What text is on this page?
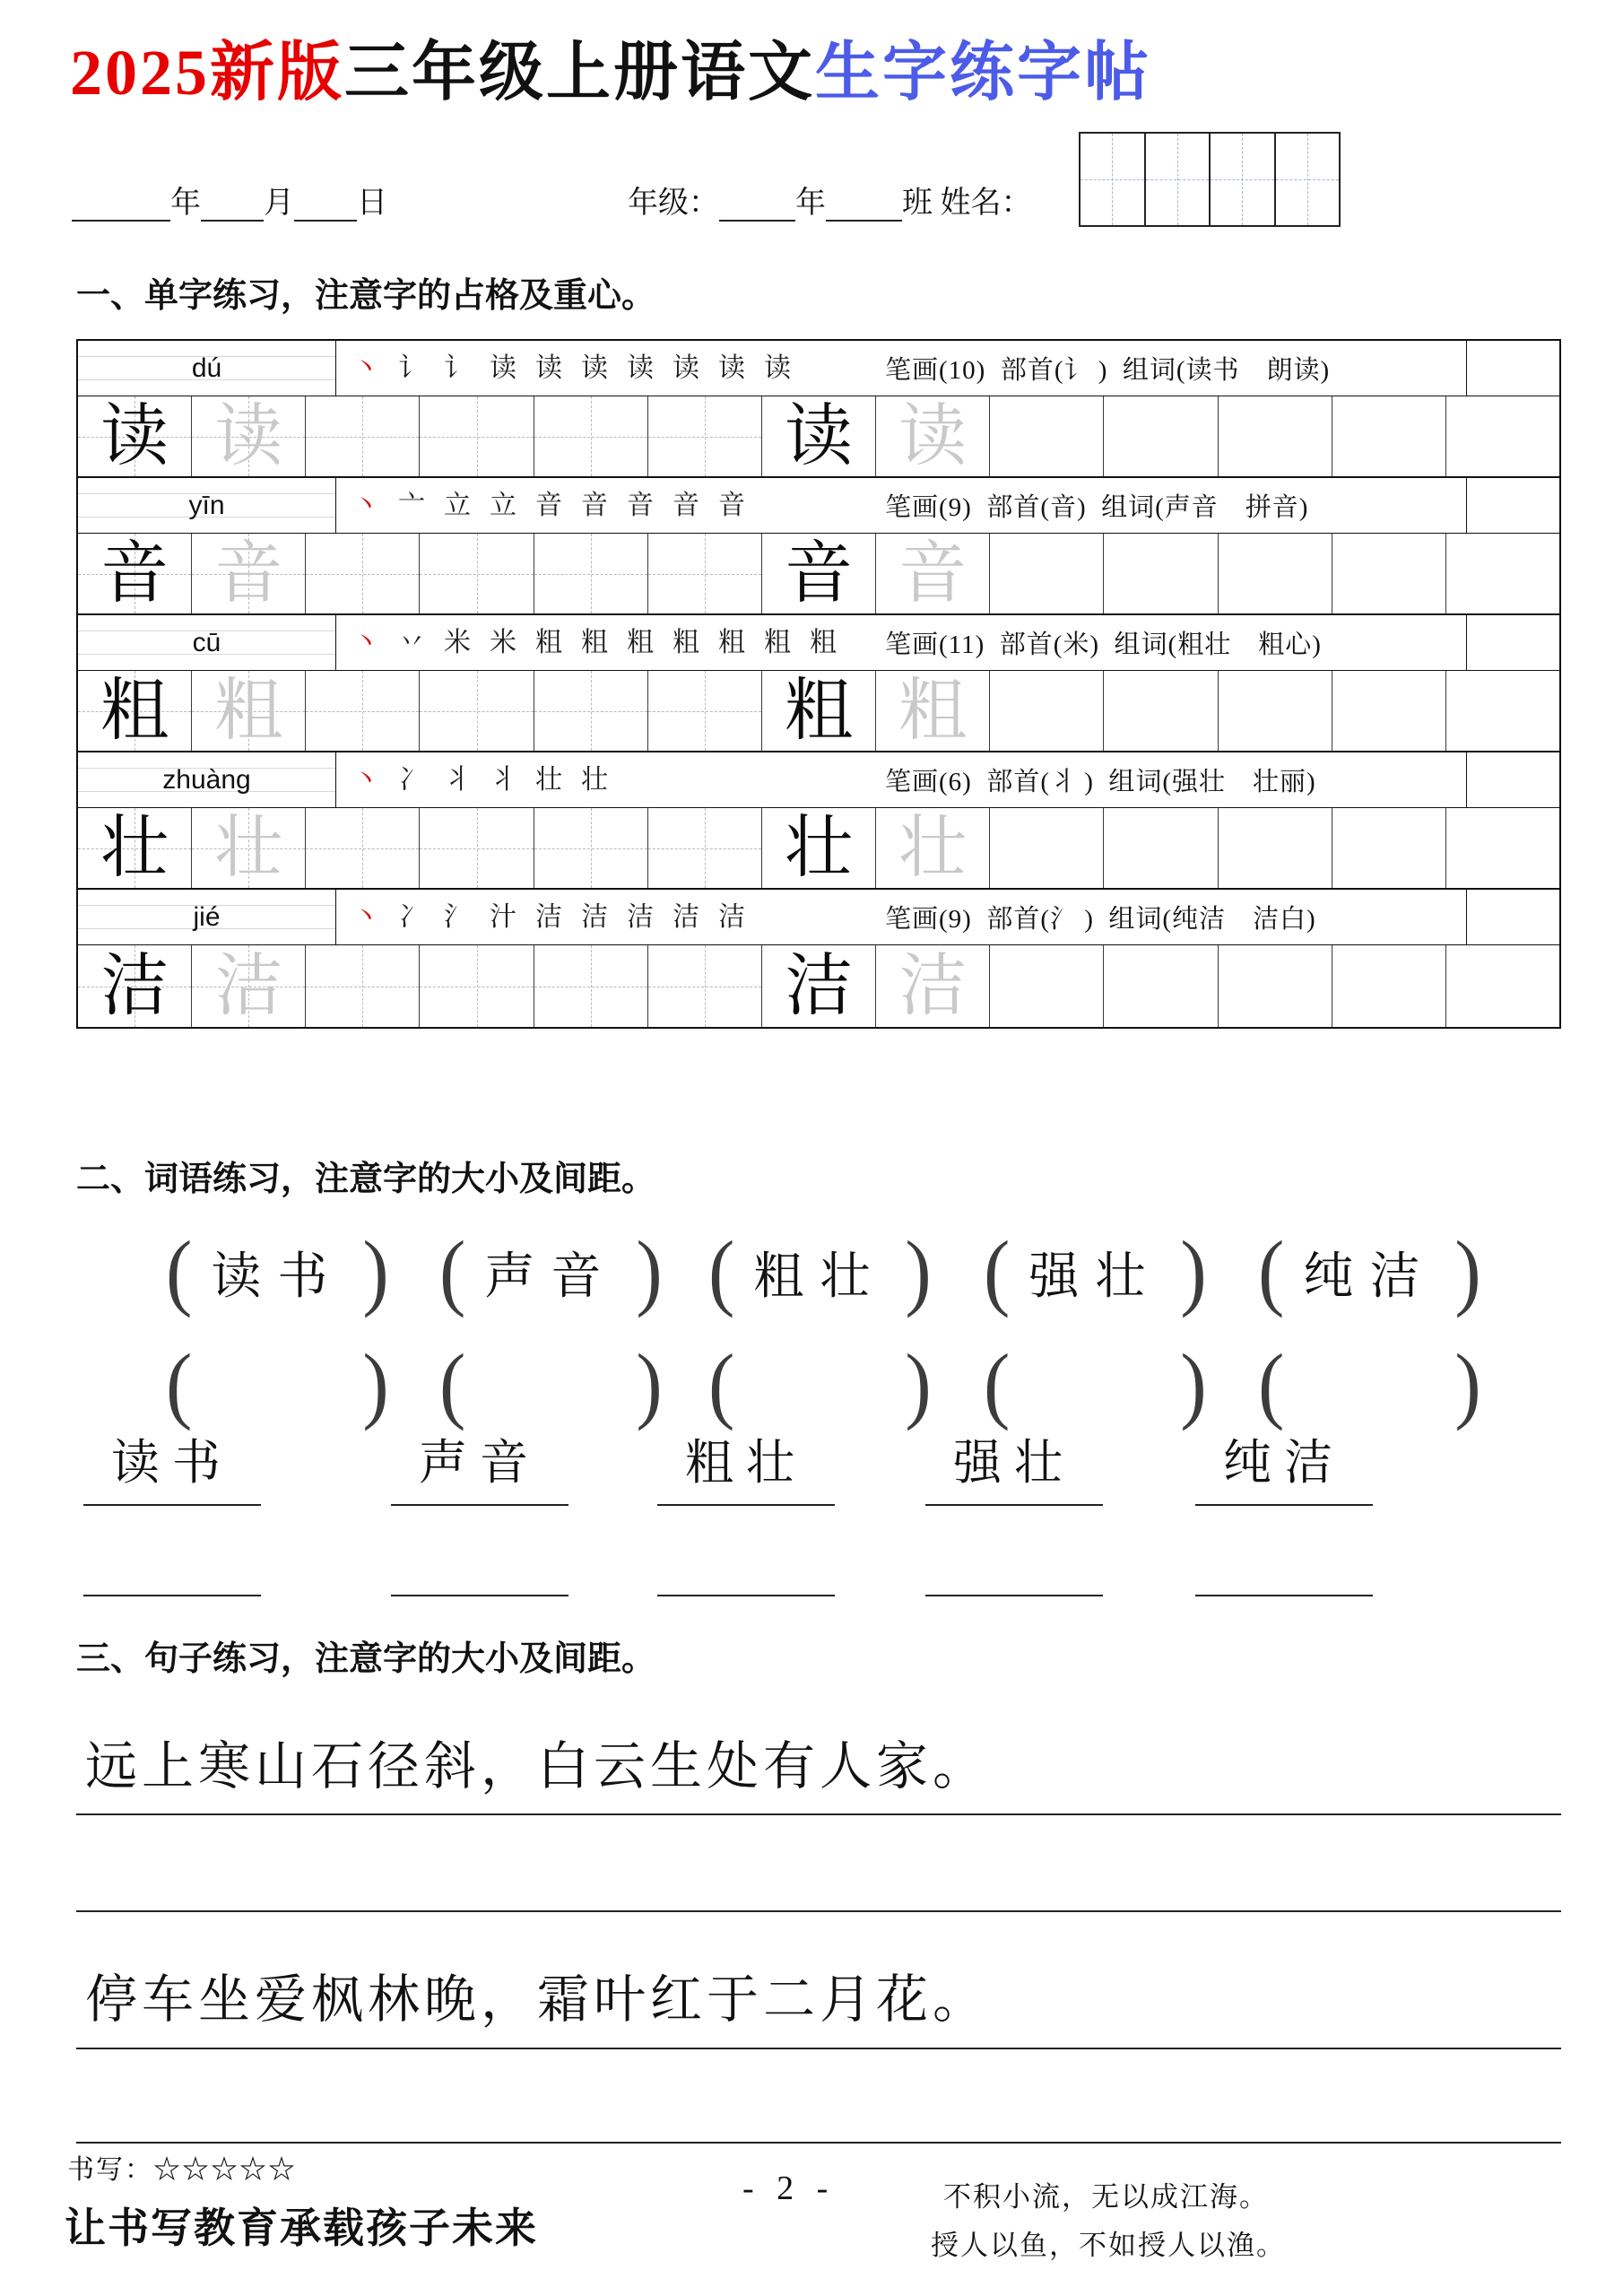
2025新版三年级上册语文生字练字帖
年 月 日	年级：	年	班 姓名：
一、单字练习，注意字的占格及重心。
dú	丶 讠 讠 读 读 读 读 读 读 读	笔画(10)  部首(讠 )  组词(读书　朗读)
读 读	读 读
yīn	丶 亠 立 立 音 音 音 音 音	笔画(9)  部首(音)  组词(声音　拼音)
音 音	音 音
cū	丶 丷 米 米 粗 粗 粗 粗 粗 粗 粗 笔画(11)  部首(米)  组词(粗壮　粗心)
粗 粗	粗 粗
zhuàng	丶 冫 丬 丬 壮 壮	笔画(6)  部首(丬 )  组词(强壮　壮丽)
壮 壮	壮 壮
jié	丶 冫 氵 汁 洁 洁 洁 洁 洁	笔画(9)  部首(氵 )  组词(纯洁　洁白)
洁 洁	洁 洁
二、词语练习，注意字的大小及间距。
( 读书 ) ( 声音 ) ( 粗壮 ) ( 强壮 ) ( 纯洁 )
(
) (
) (
) (
) (
)
读书	声音	粗壮	强壮	纯洁
三、句子练习，注意字的大小及间距。
远上寒山石径斜，白云生处有人家。
停车坐爱枫林晚，霜叶红于二月花。
书写：☆☆☆☆☆	- 2 -	不积小流，无以成江海。
授人以鱼，不如授人以渔。
让书写教育承载孩子未来
